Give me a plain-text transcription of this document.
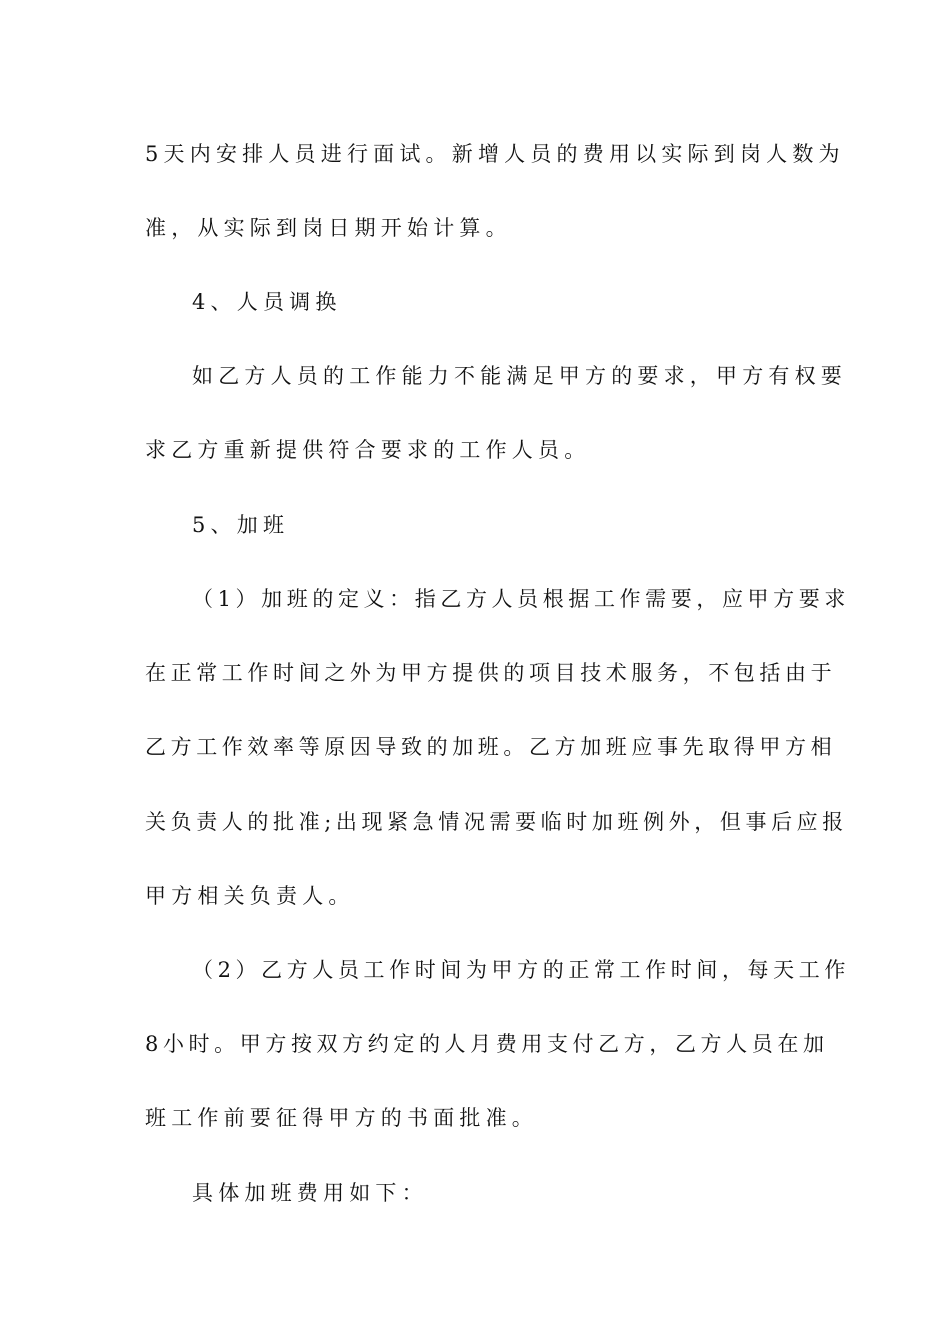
5天内安排人员进行面试。新增人员的费用以实际到岗人数为
准，从实际到岗日期开始计算。
4、人员调换
如乙方人员的工作能力不能满足甲方的要求，甲方有权要
求乙方重新提供符合要求的工作人员。
5、加班
（1）加班的定义：指乙方人员根据工作需要，应甲方要求
在正常工作时间之外为甲方提供的项目技术服务，不包括由于
乙方工作效率等原因导致的加班。乙方加班应事先取得甲方相
关负责人的批准;出现紧急情况需要临时加班例外，但事后应报
甲方相关负责人。
（2）乙方人员工作时间为甲方的正常工作时间，每天工作
8小时。甲方按双方约定的人月费用支付乙方，乙方人员在加
班工作前要征得甲方的书面批准。
具体加班费用如下：
